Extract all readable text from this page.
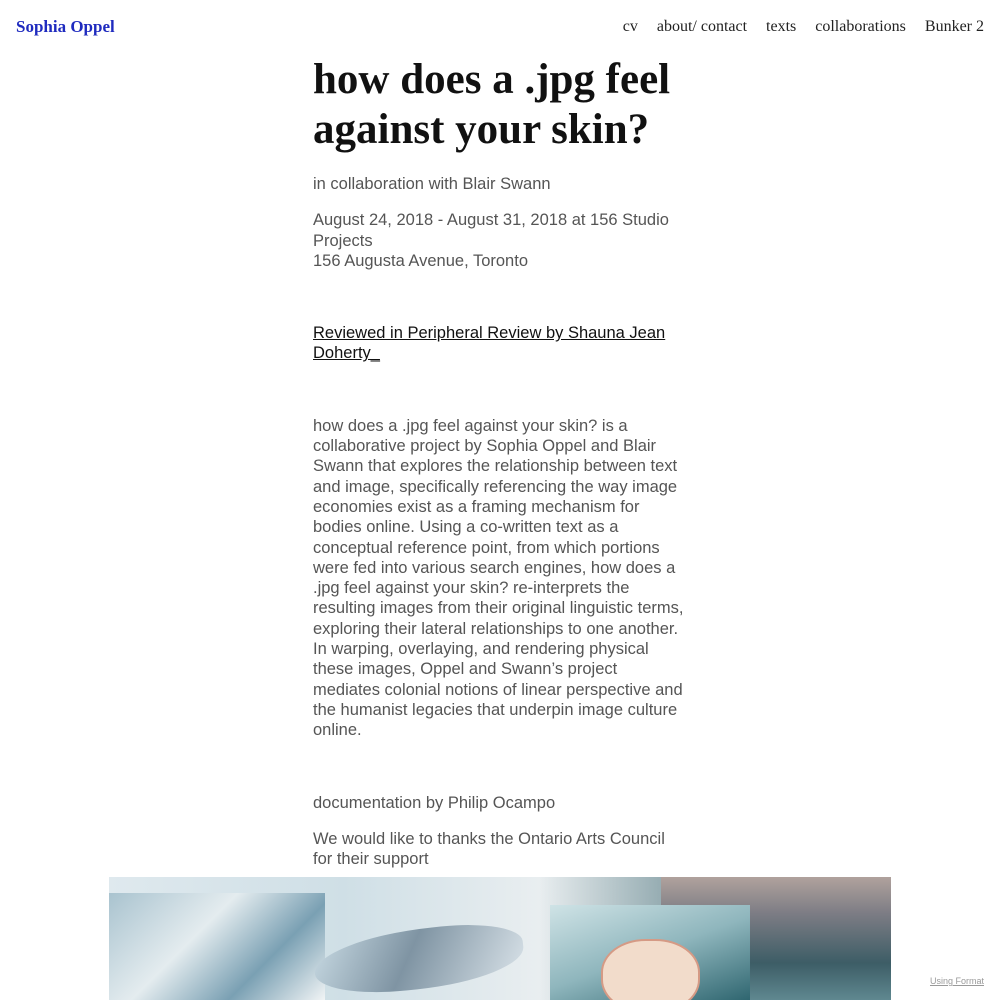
Sophia Oppel	cv about/ contact texts collaborations Bunker 2
how does a .jpg feel against your skin?

in collaboration with Blair Swann

August 24, 2018 - August 31, 2018 at 156 Studio Projects

156 Augusta Avenue, Toronto

Reviewed in Peripheral Review by Shauna Jean Doherty_

how does a .jpg feel against your skin? is a collaborative project by Sophia Oppel and Blair Swann that explores the relationship between text and image, specifically referencing the way image economies exist as a framing mechanism for bodies online. Using a co-written text as a conceptual reference point, from which portions were fed into various search engines, how does a .jpg feel against your skin? re-interprets the resulting images from their original linguistic terms, exploring their lateral relationships to one another. In warping, overlaying, and rendering physical these images, Oppel and Swann’s project mediates colonial notions of linear perspective and the humanist legacies that underpin image culture online.

documentation by Philip Ocampo

We would like to thanks the Ontario Arts Council for their support

Using Format
